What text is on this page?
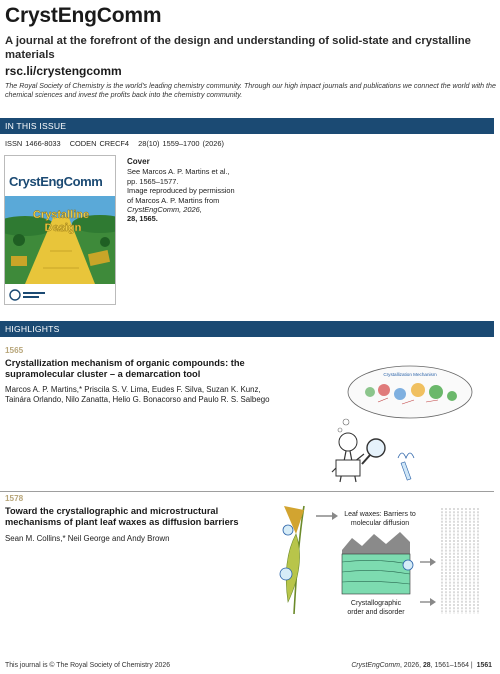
CrystEngComm
A journal at the forefront of the design and understanding of solid-state and crystalline materials
rsc.li/crystengcomm
The Royal Society of Chemistry is the world's leading chemistry community. Through our high impact journals and publications we connect the world with the chemical sciences and invest the profits back into the chemistry community.
IN THIS ISSUE
ISSN 1466-8033 CODEN CRECF4 28(10) 1559–1700 (2026)
CrystEngComm
Crystalline
Design
Cover
See Marcos A. P. Martins et al.,
pp. 1565–1577.
Image reproduced by permission
of Marcos A. P. Martins from
CrystEngComm, 2026,
28, 1565.
HIGHLIGHTS
1565
Crystallization mechanism of organic compounds: the supramolecular cluster – a demarcation tool
Marcos A. P. Martins,* Priscila S. V. Lima, Eudes F. Silva, Suzan K. Kunz, Tainára Orlando, Nilo Zanatta, Helio G. Bonacorso and Paulo R. S. Salbego
Crystallization Mechanism
1578
Toward the crystallographic and microstructural mechanisms of plant leaf waxes as diffusion barriers
Sean M. Collins,* Neil George and Andy Brown
Leaf waxes: Barriers to
molecular diffusion
Crystallographic
order and disorder
This journal is © The Royal Society of Chemistry 2026	CrystEngComm, 2026, 28, 1561–1564 | 1561
